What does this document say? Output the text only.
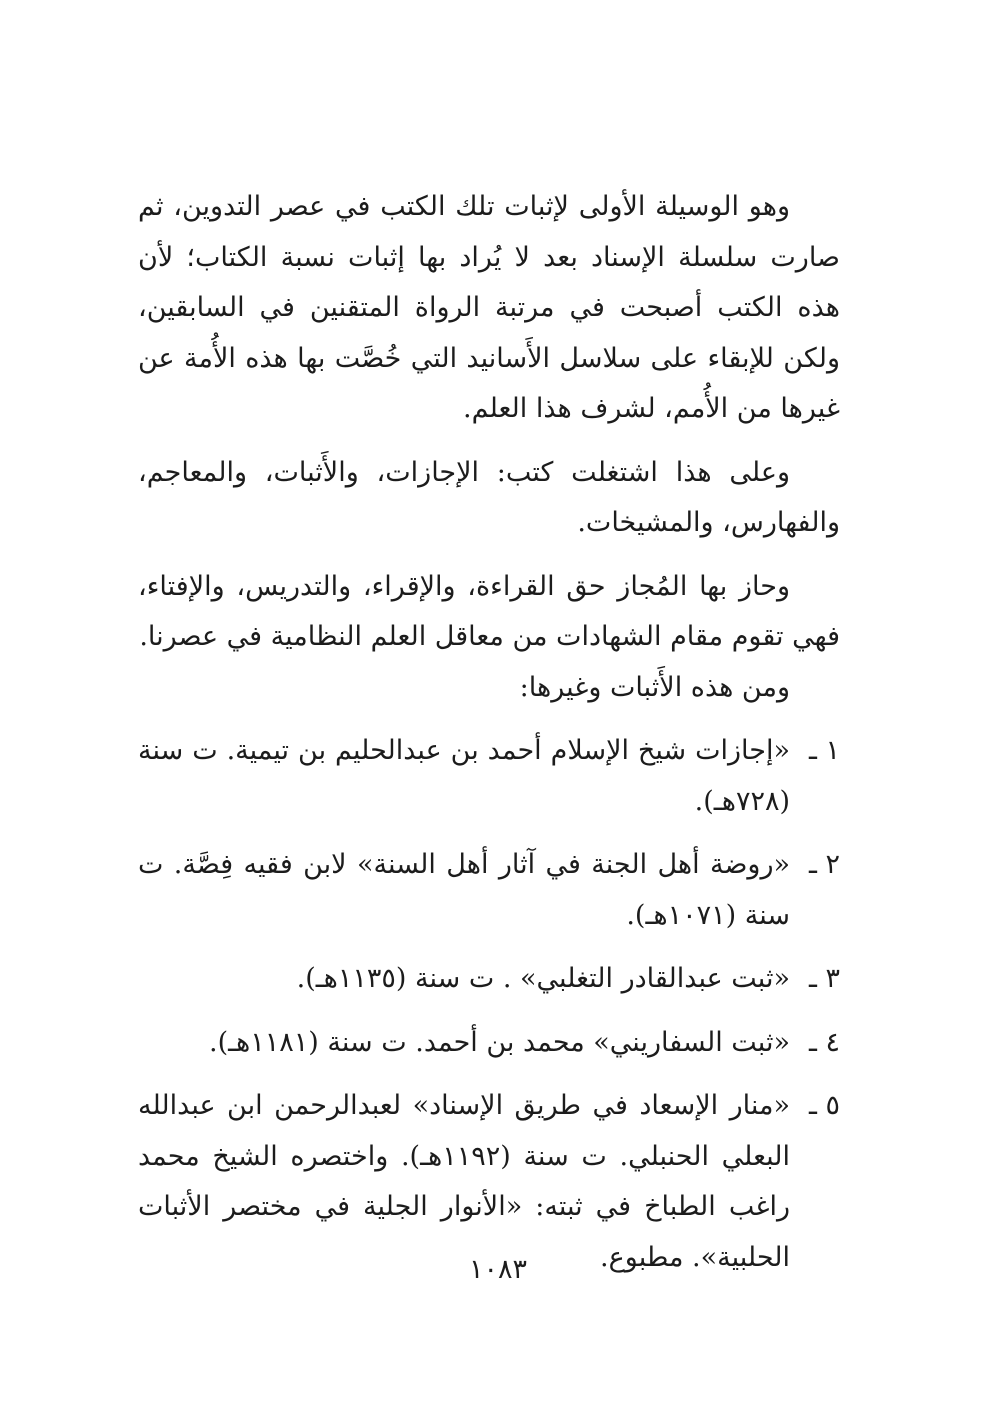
وهو الوسيلة الأولى لإثبات تلك الكتب في عصر التدوين، ثم صارت سلسلة الإسناد بعد لا يُراد بها إثبات نسبة الكتاب؛ لأن هذه الكتب أصبحت في مرتبة الرواة المتقنين في السابقين، ولكن للإبقاء على سلاسل الأَسانيد التي خُصَّت بها هذه الأُمة عن غيرها من الأُمم، لشرف هذا العلم.

وعلى هذا اشتغلت كتب: الإجازات، والأَثبات، والمعاجم، والفهارس، والمشيخات.

وحاز بها المُجاز حق القراءة، والإقراء، والتدريس، والإفتاء، فهي تقوم مقام الشهادات من معاقل العلم النظامية في عصرنا.

ومن هذه الأَثبات وغيرها:

١ ـ
«إجازات شيخ الإسلام أحمد بن عبدالحليم بن تيمية. ت سنة (٧٢٨هـ).
٢ ـ
«روضة أهل الجنة في آثار أهل السنة» لابن فقيه فِصَّة. ت سنة (١٠٧١هـ).
٣ ـ
«ثبت عبدالقادر التغلبي» . ت سنة (١١٣٥هـ).
٤ ـ
«ثبت السفاريني» محمد بن أحمد. ت سنة (١١٨١هـ).
٥ ـ
«منار الإسعاد في طريق الإسناد» لعبدالرحمن ابن عبدالله البعلي الحنبلي. ت سنة (١١٩٢هـ). واختصره الشيخ محمد راغب الطباخ في ثبته: «الأنوار الجلية في مختصر الأثبات الحلبية». مطبوع.
١٠٨٣
